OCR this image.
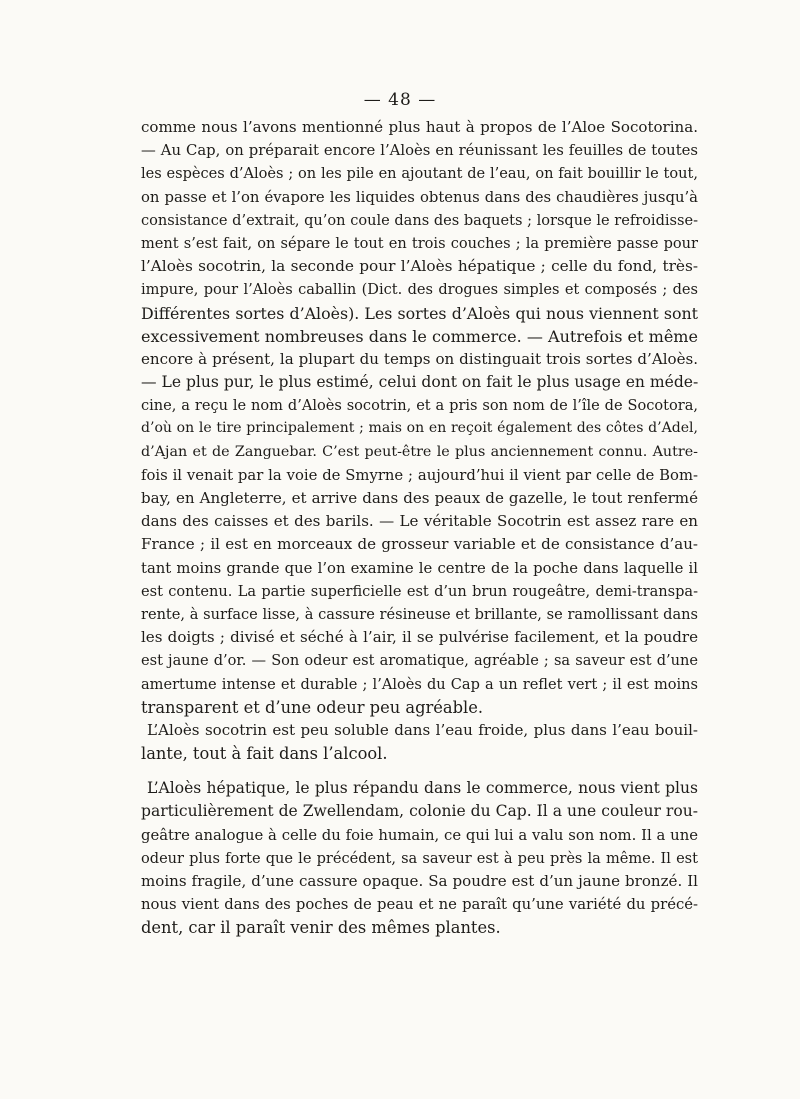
— 48 —
comme nous l’avons mentionné plus haut à propos de l’Aloe Socotorina.
— Au Cap, on préparait encore l’Aloès en réunissant les feuilles de toutes
les espèces d’Aloès ; on les pile en ajoutant de l’eau, on fait bouillir le tout,
on passe et l’on évapore les liquides obtenus dans des chaudières jusqu’à
consistance d’extrait, qu’on coule dans des baquets ; lorsque le refroidisse-
ment s’est fait, on sépare le tout en trois couches ; la première passe pour
l’Aloès socotrin, la seconde pour l’Aloès hépatique ; celle du fond, très-
impure, pour l’Aloès caballin (Dict. des drogues simples et composés ; des
Différentes sortes d’Aloès). Les sortes d’Aloès qui nous viennent sont
excessivement nombreuses dans le commerce. — Autrefois et même
encore à présent, la plupart du temps on distinguait trois sortes d’Aloès.
— Le plus pur, le plus estimé, celui dont on fait le plus usage en méde-
cine, a reçu le nom d’Aloès socotrin, et a pris son nom de l’île de Socotora,
d’où on le tire principalement ; mais on en reçoit également des côtes d’Adel,
d’Ajan et de Zanguebar. C’est peut-être le plus anciennement connu. Autre-
fois il venait par la voie de Smyrne ; aujourd’hui il vient par celle de Bom-
bay, en Angleterre, et arrive dans des peaux de gazelle, le tout renfermé
dans des caisses et des barils. — Le véritable Socotrin est assez rare en
France ; il est en morceaux de grosseur variable et de consistance d’au-
tant moins grande que l’on examine le centre de la poche dans laquelle il
est contenu. La partie superficielle est d’un brun rougeâtre, demi-transpa-
rente, à surface lisse, à cassure résineuse et brillante, se ramollissant dans
les doigts ; divisé et séché à l’air, il se pulvérise facilement, et la poudre
est jaune d’or. — Son odeur est aromatique, agréable ; sa saveur est d’une
amertume intense et durable ; l’Aloès du Cap a un reflet vert ; il est moins
transparent et d’une odeur peu agréable.
L’Aloès socotrin est peu soluble dans l’eau froide, plus dans l’eau bouil-
lante, tout à fait dans l’alcool.
L’Aloès hépatique, le plus répandu dans le commerce, nous vient plus
particulièrement de Zwellendam, colonie du Cap. Il a une couleur rou-
geâtre analogue à celle du foie humain, ce qui lui a valu son nom. Il a une
odeur plus forte que le précédent, sa saveur est à peu près la même. Il est
moins fragile, d’une cassure opaque. Sa poudre est d’un jaune bronzé. Il
nous vient dans des poches de peau et ne paraît qu’une variété du précé-
dent, car il paraît venir des mêmes plantes.
